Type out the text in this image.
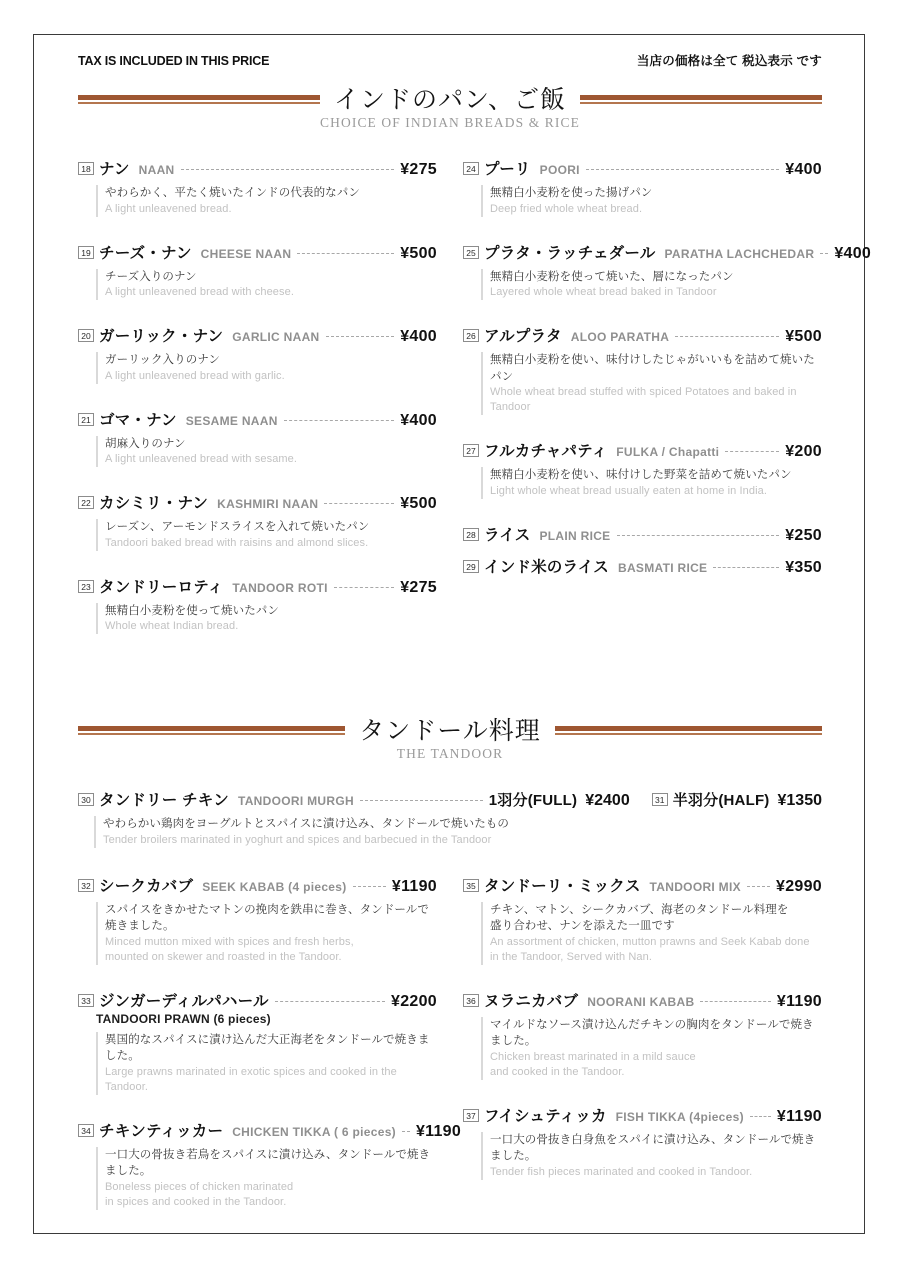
TAX IS INCLUDED IN THIS PRICE	当店の価格は全て 税込表示 です
インドのパン、ご飯
CHOICE OF INDIAN BREADS & RICE
18 ナン NAAN	¥275
やわらかく、平たく焼いたインドの代表的なパン
A light unleavened bread.
19 チーズ・ナン CHEESE NAAN	¥500
チーズ入りのナン
A light unleavened bread with cheese.
20 ガーリック・ナン GARLIC NAAN	¥400
ガーリック入りのナン
A light unleavened bread with garlic.
21 ゴマ・ナン SESAME NAAN	¥400
胡麻入りのナン
A light unleavened bread with sesame.
22 カシミリ・ナン KASHMIRI NAAN	¥500
レーズン、アーモンドスライスを入れて焼いたパン
Tandoori baked bread with raisins and almond slices.
23 タンドリーロティ TANDOOR ROTI	¥275
無精白小麦粉を使って焼いたパン
Whole wheat Indian bread.
24 プーリ POORI	¥400
無精白小麦粉を使った揚げパン
Deep fried whole wheat bread.
25 プラタ・ラッチェダール PARATHA LACHCHEDAR ¥400
無精白小麦粉を使って焼いた、層になったパン
Layered whole wheat bread baked in Tandoor
26 アルプラタ ALOO PARATHA	¥500
無精白小麦粉を使い、味付けしたじゃがいいもを詰めて焼いたパン
Whole wheat bread stuffed with spiced Potatoes and baked in Tandoor
27 フルカチャパティ FULKA / Chapatti	¥200
無精白小麦粉を使い、味付けした野菜を詰めて焼いたパン
Light whole wheat bread usually eaten at home in India.
28 ライス PLAIN RICE	¥250
29 インド米のライス BASMATI RICE	¥350
タンドール料理
THE TANDOOR
30 タンドリー チキン TANDOORI MURGH	1羽分(FULL) ¥2400	31 半羽分(HALF) ¥1350
やわらかい鶏肉をヨーグルトとスパイスに漬け込み、タンドールで焼いたもの
Tender broilers marinated in yoghurt and spices and barbecued in the Tandoor
32 シークカバブ SEEK KABAB (4 pieces)	¥1190
スパイスをきかせたマトンの挽肉を鉄串に巻き、タンドールで焼きました。
Minced mutton mixed with spices and fresh herbs,
mounted on skewer and roasted in the Tandoor.
33 ジンガーディルパハール	¥2200
TANDOORI PRAWN (6 pieces)
異国的なスパイスに漬け込んだ大正海老をタンドールで焼きました。
Large prawns marinated in exotic spices and cooked in the Tandoor.
34 チキンティッカー CHICKEN TIKKA ( 6 pieces) ¥1190
一口大の骨抜き若鳥をスパイスに漬け込み、タンドールで焼きました。
Boneless pieces of chicken marinated
in spices and cooked in the Tandoor.
35 タンドーリ・ミックス TANDOORI MIX ¥2990
チキン、マトン、シークカバブ、海老のタンドール料理を
盛り合わせ、ナンを添えた一皿です
An assortment of chicken, mutton prawns and Seek Kabab done
in the Tandoor, Served with Nan.
36 ヌラニカバブ NOORANI KABAB	¥1190
マイルドなソース漬け込んだチキンの胸肉をタンドールで焼きました。
Chicken breast marinated in a mild sauce
and cooked in the Tandoor.
37 フイシュティッカ FISH TIKKA (4pieces) ¥1190
一口大の骨抜き白身魚をスパイに漬け込み、タンドールで焼きました。
Tender fish pieces marinated and cooked in Tandoor.
